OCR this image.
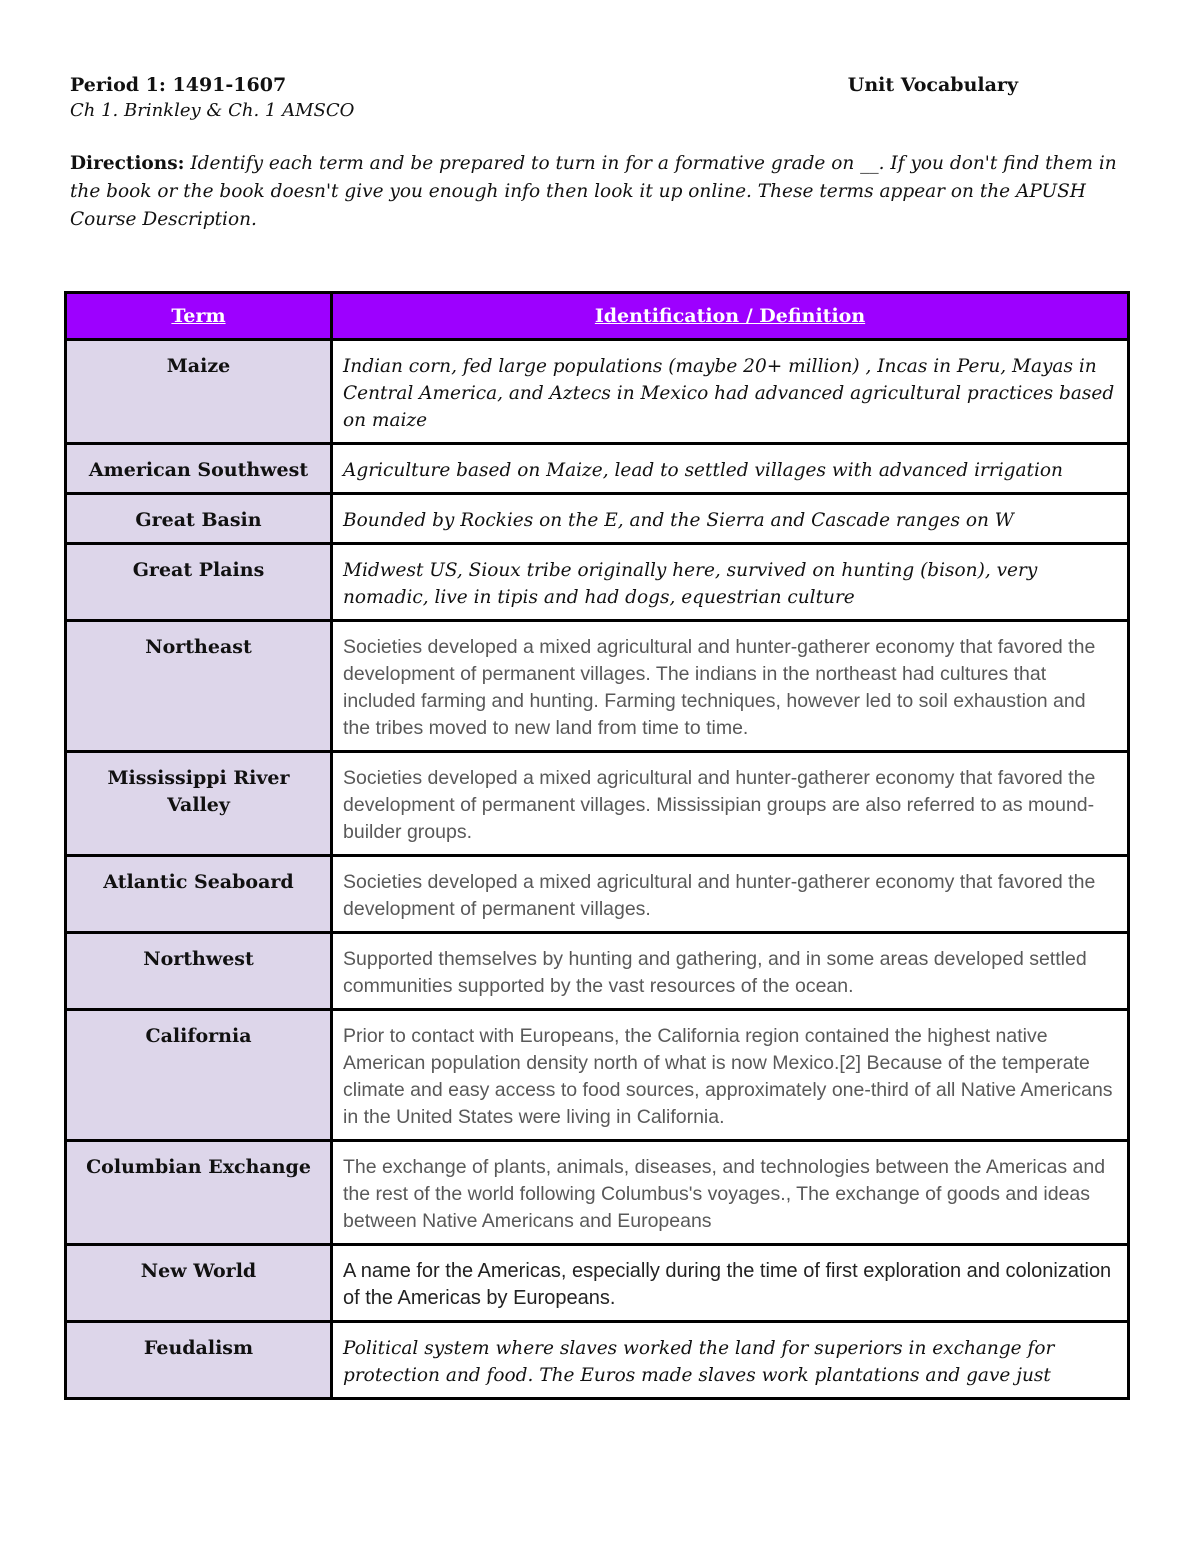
Period 1: 1491-1607	Unit Vocabulary
Ch 1. Brinkley & Ch. 1 AMSCO
Directions: Identify each term and be prepared to turn in for a formative grade on __. If you don't find them in the book or the book doesn't give you enough info then look it up online. These terms appear on the APUSH Course Description.
Term	Identification / Definition
Maize	Indian corn, fed large populations (maybe 20+ million) , Incas in Peru, Mayas in Central America, and Aztecs in Mexico had advanced agricultural practices based on maize
American Southwest	Agriculture based on Maize, lead to settled villages with advanced irrigation
Great Basin	Bounded by Rockies on the E, and the Sierra and Cascade ranges on W
Great Plains	Midwest US, Sioux tribe originally here, survived on hunting (bison), very nomadic, live in tipis and had dogs, equestrian culture
Northeast	Societies developed a mixed agricultural and hunter-gatherer economy that favored the development of permanent villages. The indians in the northeast had cultures that included farming and hunting. Farming techniques, however led to soil exhaustion and the tribes moved to new land from time to time.
Mississippi River Valley	Societies developed a mixed agricultural and hunter-gatherer economy that favored the development of permanent villages. Mississipian groups are also referred to as mound-builder groups.
Atlantic Seaboard	Societies developed a mixed agricultural and hunter-gatherer economy that favored the development of permanent villages.
Northwest	Supported themselves by hunting and gathering, and in some areas developed settled communities supported by the vast resources of the ocean.
California	Prior to contact with Europeans, the California region contained the highest native American population density north of what is now Mexico.[2] Because of the temperate climate and easy access to food sources, approximately one-third of all Native Americans in the United States were living in California.
Columbian Exchange	The exchange of plants, animals, diseases, and technologies between the Americas and the rest of the world following Columbus's voyages., The exchange of goods and ideas between Native Americans and Europeans
New World	A name for the Americas, especially during the time of first exploration and colonization of the Americas by Europeans.
Feudalism	Political system where slaves worked the land for superiors in exchange for protection and food. The Euros made slaves work plantations and gave just
